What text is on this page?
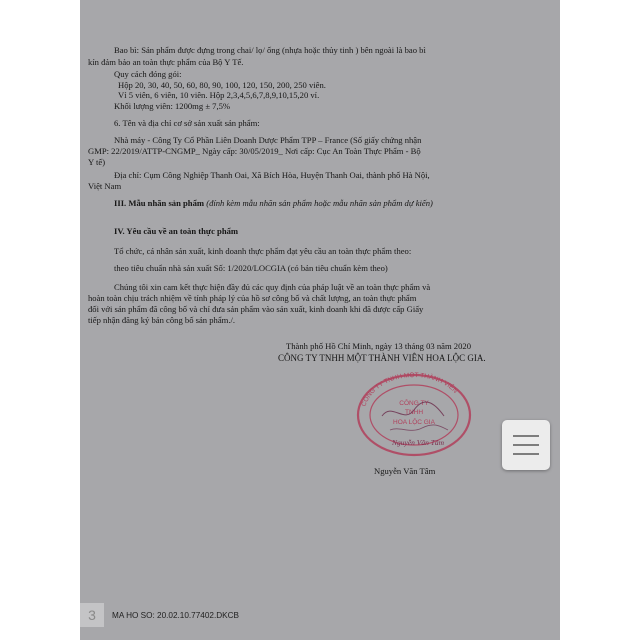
Bao bì: Sản phẩm được đựng trong chai/ lọ/ ống (nhựa hoặc thủy tinh ) bên ngoài là bao bì
kín đảm bảo an toàn thực phẩm của Bộ Y Tế.
Quy cách đóng gói:
Hộp 20, 30, 40, 50, 60, 80, 90, 100, 120, 150, 200, 250 viên.
Vỉ 5 viên, 6 viên, 10 viên. Hộp 2,3,4,5,6,7,8,9,10,15,20 vỉ.
Khối lượng viên: 1200mg ± 7,5%
6. Tên và địa chỉ cơ sở sản xuất sản phẩm:
Nhà máy - Công Ty Cổ Phần Liên Doanh Dược Phẩm TPP – France (Số giấy chứng nhận
GMP: 22/2019/ATTP-CNGMP_ Ngày cấp: 30/05/2019_ Nơi cấp: Cục An Toàn Thực Phẩm - Bộ
Y tế)
Địa chỉ: Cụm Công Nghiệp Thanh Oai, Xã Bích Hòa, Huyện Thanh Oai, thành phố Hà Nội,
Việt Nam
III. Mẫu nhãn sản phẩm (đính kèm mẫu nhãn sản phẩm hoặc mẫu nhãn sản phẩm dự kiến)
IV. Yêu cầu về an toàn thực phẩm
Tổ chức, cá nhân sản xuất, kinh doanh thực phẩm đạt yêu cầu an toàn thực phẩm theo:
theo tiêu chuẩn nhà sản xuất Số: 1/2020/LOCGIA (có bản tiêu chuẩn kèm theo)
Chúng tôi xin cam kết thực hiện đầy đủ các quy định của pháp luật về an toàn thực phẩm và
hoàn toàn chịu trách nhiệm về tính pháp lý của hồ sơ công bố và chất lượng, an toàn thực phẩm
đối với sản phẩm đã công bố và chỉ đưa sản phẩm vào sản xuất, kinh doanh khi đã được cấp Giấy
tiếp nhận đăng ký bản công bố sản phẩm./.
Thành phố Hồ Chí Minh, ngày 13 tháng 03 năm 2020
CÔNG TY TNHH MỘT THÀNH VIÊN HOA LỘC GIA.
CÔNG TY TNHH MỘT THÀNH VIÊN
CÔNG TY
TNHH
HOA LỘC GIA
Nguyễn Văn Tâm
Nguyễn Văn Tâm
3	MA HO SO: 20.02.10.77402.DKCB
